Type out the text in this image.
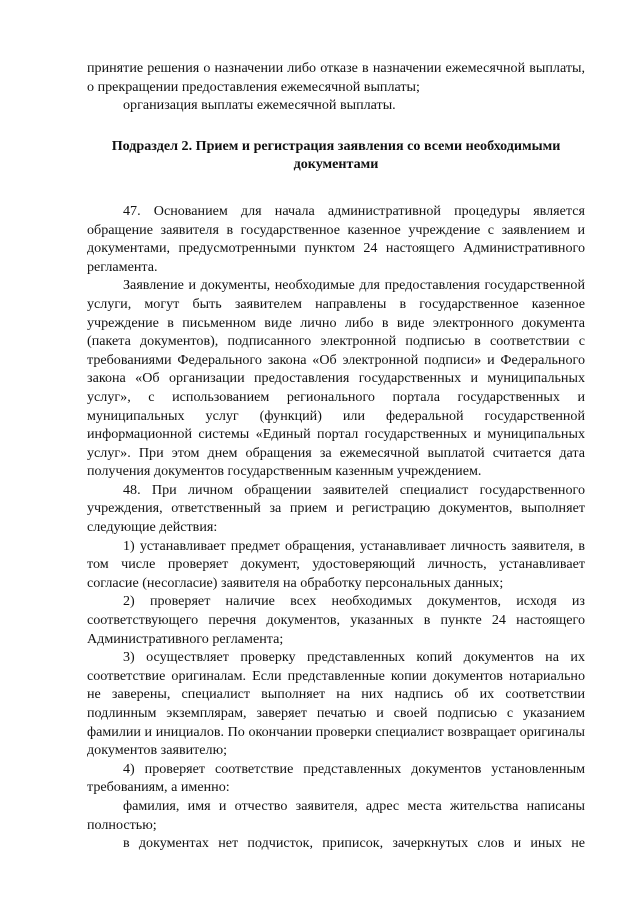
принятие решения о назначении либо отказе в назначении ежемесячной выплаты, о прекращении предоставления ежемесячной выплаты;

организация выплаты ежемесячной выплаты.

Подраздел 2. Прием и регистрация заявления со всеми необходимыми документами

47. Основанием для начала административной процедуры является обращение заявителя в государственное казенное учреждение с заявлением и документами, предусмотренными пунктом 24 настоящего Административного регламента.

Заявление и документы, необходимые для предоставления государственной услуги, могут быть заявителем направлены в государственное казенное учреждение в письменном виде лично либо в виде электронного документа (пакета документов), подписанного электронной подписью в соответствии с требованиями Федерального закона «Об электронной подписи» и Федерального закона «Об организации предоставления государственных и муниципальных услуг», с использованием регионального портала государственных и муниципальных услуг (функций) или федеральной государственной информационной системы «Единый портал государственных и муниципальных услуг». При этом днем обращения за ежемесячной выплатой считается дата получения документов государственным казенным учреждением.

48. При личном обращении заявителей специалист государственного учреждения, ответственный за прием и регистрацию документов, выполняет следующие действия:

1) устанавливает предмет обращения, устанавливает личность заявителя, в том числе проверяет документ, удостоверяющий личность, устанавливает согласие (несогласие) заявителя на обработку персональных данных;

2) проверяет наличие всех необходимых документов, исходя из соответствующего перечня документов, указанных в пункте 24 настоящего Административного регламента;

3) осуществляет проверку представленных копий документов на их соответствие оригиналам. Если представленные копии документов нотариально не заверены, специалист выполняет на них надпись об их соответствии подлинным экземплярам, заверяет печатью и своей подписью с указанием фамилии и инициалов. По окончании проверки специалист возвращает оригиналы документов заявителю;

4) проверяет соответствие представленных документов установленным требованиям, а именно:

фамилия, имя и отчество заявителя, адрес места жительства написаны полностью;

в документах нет подчисток, приписок, зачеркнутых слов и иных не
